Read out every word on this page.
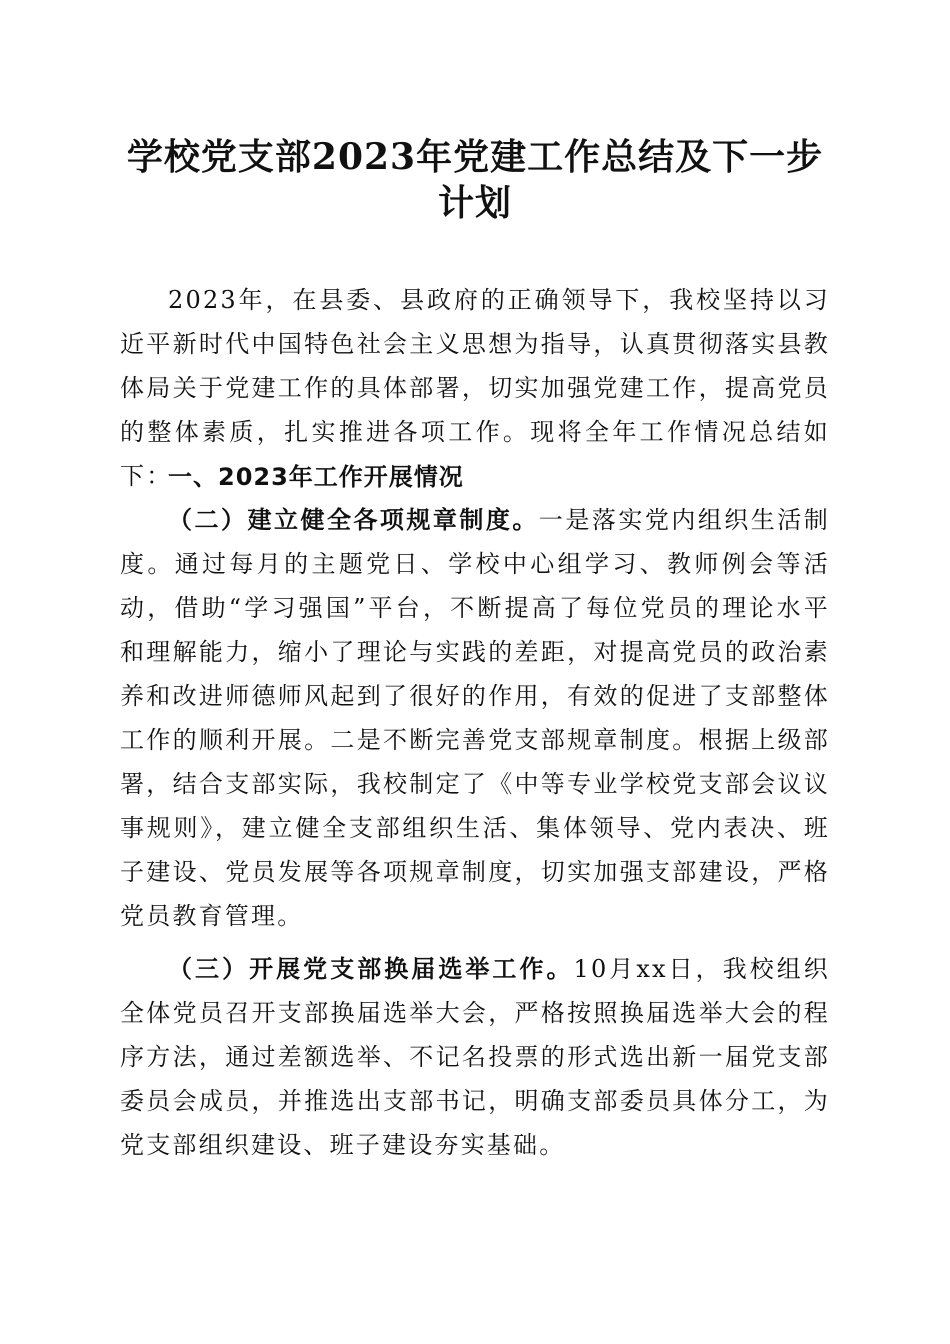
学校党支部2023年党建工作总结及下一步计划

2023年，在县委、县政府的正确领导下，我校坚持以习近平新时代中国特色社会主义思想为指导，认真贯彻落实县教体局关于党建工作的具体部署，切实加强党建工作，提高党员的整体素质，扎实推进各项工作。现将全年工作情况总结如下：

一、2023年工作开展情况

（二）建立健全各项规章制度。一是落实党内组织生活制度。通过每月的主题党日、学校中心组学习、教师例会等活动，借助“学习强国”平台，不断提高了每位党员的理论水平和理解能力，缩小了理论与实践的差距，对提高党员的政治素养和改进师德师风起到了很好的作用，有效的促进了支部整体工作的顺利开展。二是不断完善党支部规章制度。根据上级部署，结合支部实际，我校制定了《中等专业学校党支部会议议事规则》，建立健全支部组织生活、集体领导、党内表决、班子建设、党员发展等各项规章制度，切实加强支部建设，严格党员教育管理。

（三）开展党支部换届选举工作。10月xx日，我校组织全体党员召开支部换届选举大会，严格按照换届选举大会的程序方法，通过差额选举、不记名投票的形式选出新一届党支部委员会成员，并推选出支部书记，明确支部委员具体分工，为党支部组织建设、班子建设夯实基础。
